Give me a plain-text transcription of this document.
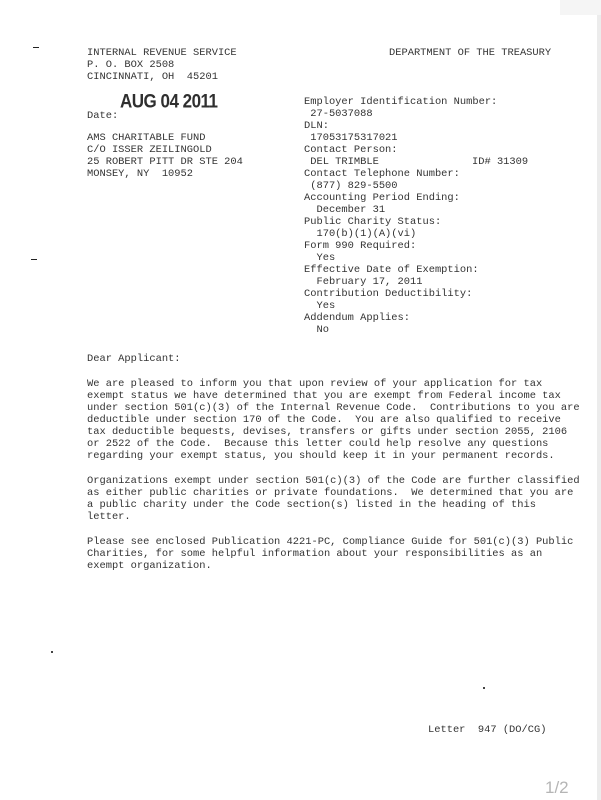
INTERNAL REVENUE SERVICE
P. O. BOX 2508
CINCINNATI, OH  45201
DEPARTMENT OF THE TREASURY
AUG 04 2011
Date:
AMS CHARITABLE FUND
C/O ISSER ZEILINGOLD
25 ROBERT PITT DR STE 204
MONSEY, NY  10952
Employer Identification Number:
27-5037088
DLN:
17053175317021
Contact Person:
DEL TRIMBLE	ID# 31309
Contact Telephone Number:
(877) 829-5500
Accounting Period Ending:
December 31
Public Charity Status:
170(b)(1)(A)(vi)
Form 990 Required:
Yes
Effective Date of Exemption:
February 17, 2011
Contribution Deductibility:
Yes
Addendum Applies:
No
Dear Applicant:
We are pleased to inform you that upon review of your application for tax
exempt status we have determined that you are exempt from Federal income tax
under section 501(c)(3) of the Internal Revenue Code.  Contributions to you are
deductible under section 170 of the Code.  You are also qualified to receive
tax deductible bequests, devises, transfers or gifts under section 2055, 2106
or 2522 of the Code.  Because this letter could help resolve any questions
regarding your exempt status, you should keep it in your permanent records.
Organizations exempt under section 501(c)(3) of the Code are further classified
as either public charities or private foundations.  We determined that you are
a public charity under the Code section(s) listed in the heading of this
letter.
Please see enclosed Publication 4221-PC, Compliance Guide for 501(c)(3) Public
Charities, for some helpful information about your responsibilities as an
exempt organization.
Letter  947 (DO/CG)
1/2
